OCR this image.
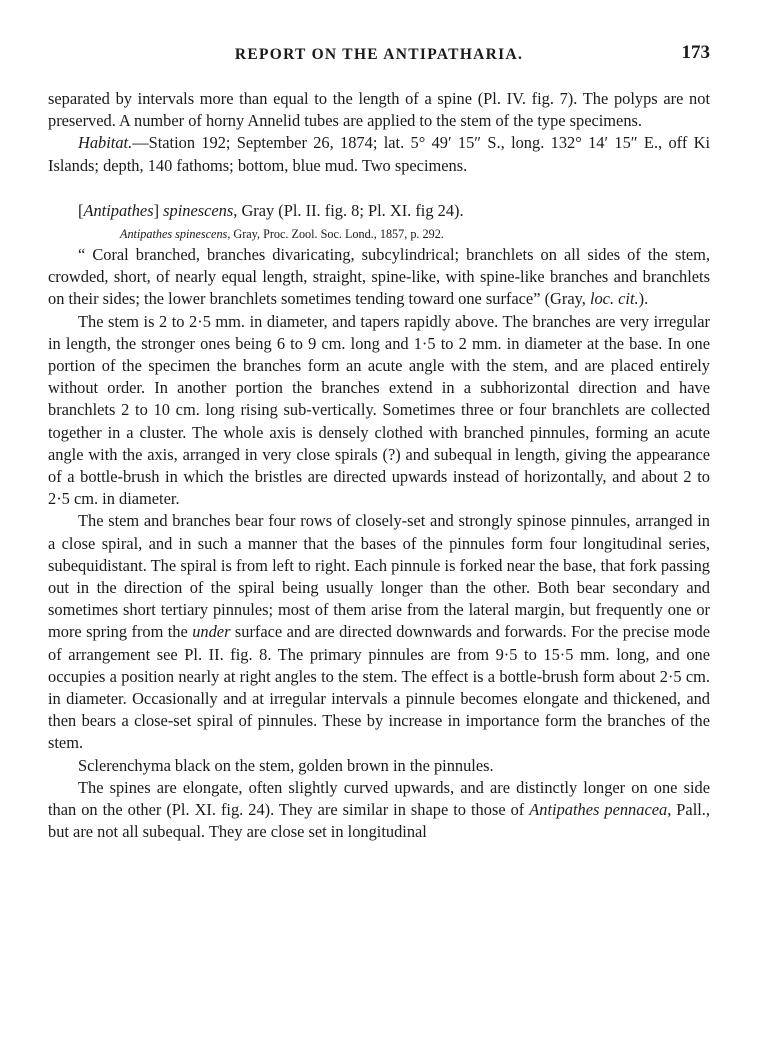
REPORT ON THE ANTIPATHARIA.	173

separated by intervals more than equal to the length of a spine (Pl. IV. fig. 7). The polyps are not preserved. A number of horny Annelid tubes are applied to the stem of the type specimens.

Habitat.—Station 192; September 26, 1874; lat. 5° 49′ 15″ S., long. 132° 14′ 15″ E., off Ki Islands; depth, 140 fathoms; bottom, blue mud. Two specimens.

[Antipathes] spinescens, Gray (Pl. II. fig. 8; Pl. XI. fig 24).

Antipathes spinescens, Gray, Proc. Zool. Soc. Lond., 1857, p. 292.

“ Coral branched, branches divaricating, subcylindrical; branchlets on all sides of the stem, crowded, short, of nearly equal length, straight, spine-like, with spine-like branches and branchlets on their sides; the lower branchlets sometimes tending toward one surface” (Gray, loc. cit.).

The stem is 2 to 2·5 mm. in diameter, and tapers rapidly above. The branches are very irregular in length, the stronger ones being 6 to 9 cm. long and 1·5 to 2 mm. in diameter at the base. In one portion of the specimen the branches form an acute angle with the stem, and are placed entirely without order. In another portion the branches extend in a subhorizontal direction and have branchlets 2 to 10 cm. long rising sub-vertically. Sometimes three or four branchlets are collected together in a cluster. The whole axis is densely clothed with branched pinnules, forming an acute angle with the axis, arranged in very close spirals (?) and subequal in length, giving the appearance of a bottle-brush in which the bristles are directed upwards instead of horizontally, and about 2 to 2·5 cm. in diameter.

The stem and branches bear four rows of closely-set and strongly spinose pinnules, arranged in a close spiral, and in such a manner that the bases of the pinnules form four longitudinal series, subequidistant. The spiral is from left to right. Each pinnule is forked near the base, that fork passing out in the direction of the spiral being usually longer than the other. Both bear secondary and sometimes short tertiary pinnules; most of them arise from the lateral margin, but frequently one or more spring from the under surface and are directed downwards and forwards. For the precise mode of arrangement see Pl. II. fig. 8. The primary pinnules are from 9·5 to 15·5 mm. long, and one occupies a position nearly at right angles to the stem. The effect is a bottle-brush form about 2·5 cm. in diameter. Occasionally and at irregular intervals a pinnule becomes elongate and thickened, and then bears a close-set spiral of pinnules. These by increase in importance form the branches of the stem.

Sclerenchyma black on the stem, golden brown in the pinnules.

The spines are elongate, often slightly curved upwards, and are distinctly longer on one side than on the other (Pl. XI. fig. 24). They are similar in shape to those of Antipathes pennacea, Pall., but are not all subequal. They are close set in longitudinal
